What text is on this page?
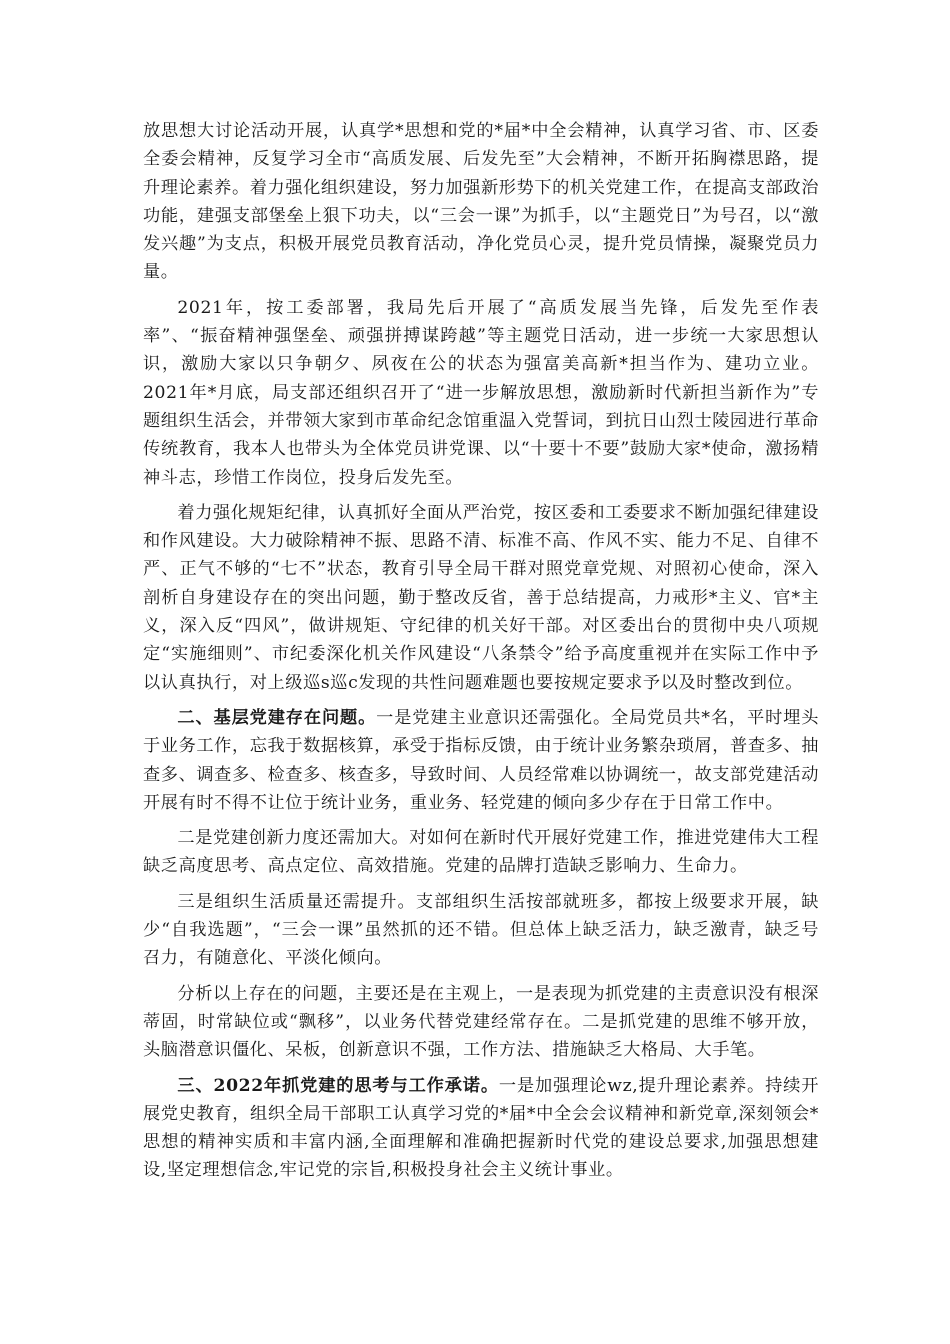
放思想大讨论活动开展，认真学*思想和党的*届*中全会精神，认真学习省、市、区委全委会精神，反复学习全市“高质发展、后发先至”大会精神，不断开拓胸襟思路，提升理论素养。着力强化组织建设，努力加强新形势下的机关党建工作，在提高支部政治功能，建强支部堡垒上狠下功夫，以“三会一课”为抓手，以“主题党日”为号召，以“激发兴趣”为支点，积极开展党员教育活动，净化党员心灵，提升党员情操，凝聚党员力量。

2021年，按工委部署，我局先后开展了“高质发展当先锋，后发先至作表率”、“振奋精神强堡垒、顽强拼搏谋跨越”等主题党日活动，进一步统一大家思想认识，激励大家以只争朝夕、夙夜在公的状态为强富美高新*担当作为、建功立业。2021年*月底，局支部还组织召开了“进一步解放思想，激励新时代新担当新作为”专题组织生活会，并带领大家到市革命纪念馆重温入党誓词，到抗日山烈士陵园进行革命传统教育，我本人也带头为全体党员讲党课、以“十要十不要”鼓励大家*使命，激扬精神斗志，珍惜工作岗位，投身后发先至。

着力强化规矩纪律，认真抓好全面从严治党，按区委和工委要求不断加强纪律建设和作风建设。大力破除精神不振、思路不清、标准不高、作风不实、能力不足、自律不严、正气不够的“七不”状态，教育引导全局干群对照党章党规、对照初心使命，深入剖析自身建设存在的突出问题，勤于整改反省，善于总结提高，力戒形*主义、官*主义，深入反“四风”，做讲规矩、守纪律的机关好干部。对区委出台的贯彻中央八项规定“实施细则”、市纪委深化机关作风建设“八条禁令”给予高度重视并在实际工作中予以认真执行，对上级巡s巡c发现的共性问题难题也要按规定要求予以及时整改到位。

二、基层党建存在问题。一是党建主业意识还需强化。全局党员共*名，平时埋头于业务工作，忘我于数据核算，承受于指标反馈，由于统计业务繁杂琐屑，普查多、抽查多、调查多、检查多、核查多，导致时间、人员经常难以协调统一，故支部党建活动开展有时不得不让位于统计业务，重业务、轻党建的倾向多少存在于日常工作中。

二是党建创新力度还需加大。对如何在新时代开展好党建工作，推进党建伟大工程缺乏高度思考、高点定位、高效措施。党建的品牌打造缺乏影响力、生命力。

三是组织生活质量还需提升。支部组织生活按部就班多，都按上级要求开展，缺少“自我选题”，“三会一课”虽然抓的还不错。但总体上缺乏活力，缺乏激青，缺乏号召力，有随意化、平淡化倾向。

分析以上存在的问题，主要还是在主观上，一是表现为抓党建的主责意识没有根深蒂固，时常缺位或“飘移”，以业务代替党建经常存在。二是抓党建的思维不够开放，头脑潜意识僵化、呆板，创新意识不强，工作方法、措施缺乏大格局、大手笔。

三、2022年抓党建的思考与工作承诺。一是加强理论wz,提升理论素养。持续开展党史教育，组织全局干部职工认真学习党的*届*中全会会议精神和新党章,深刻领会*思想的精神实质和丰富内涵,全面理解和准确把握新时代党的建设总要求,加强思想建设,坚定理想信念,牢记党的宗旨,积极投身社会主义统计事业。
